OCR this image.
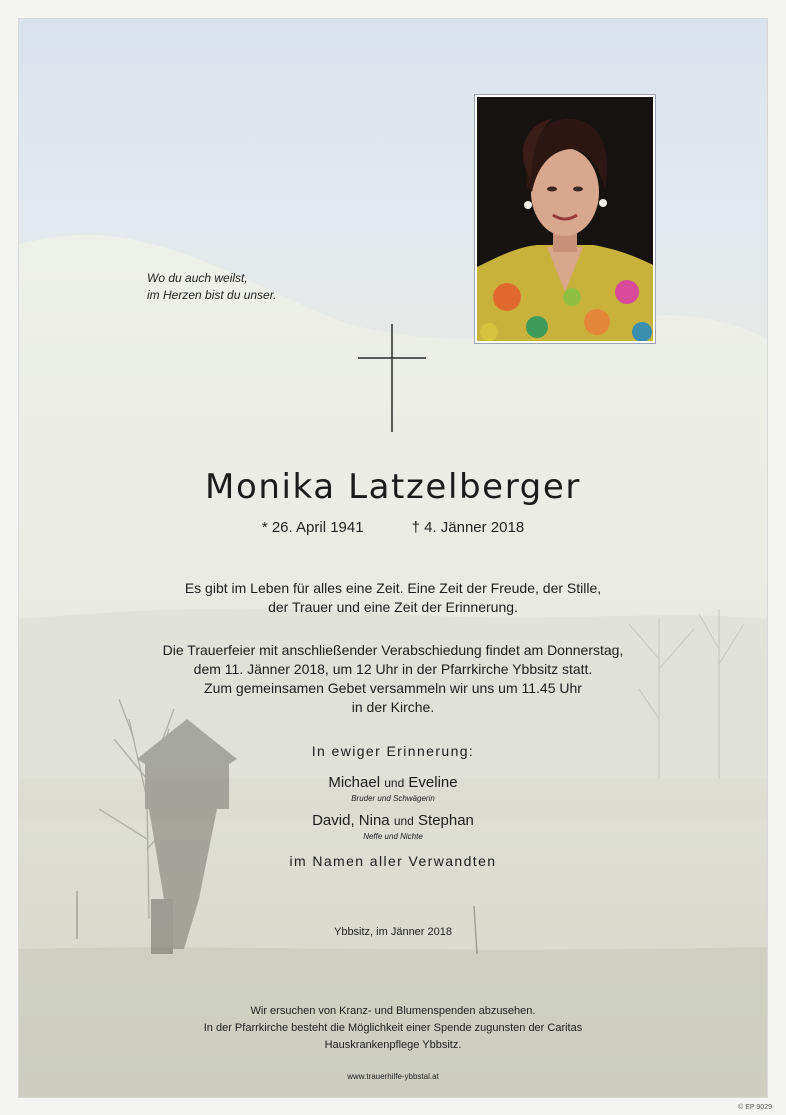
Wo du auch weilst,
im Herzen bist du unser.
Monika Latzelberger
* 26. April 1941	† 4. Jänner 2018
Es gibt im Leben für alles eine Zeit. Eine Zeit der Freude, der Stille,
der Trauer und eine Zeit der Erinnerung.
Die Trauerfeier mit anschließender Verabschiedung findet am Donnerstag,
dem 11. Jänner 2018, um 12 Uhr in der Pfarrkirche Ybbsitz statt.
Zum gemeinsamen Gebet versammeln wir uns um 11.45 Uhr
in der Kirche.
In ewiger Erinnerung:
Michael und Eveline
Bruder und Schwägerin
David, Nina und Stephan
Neffe und Nichte
im Namen aller Verwandten
Ybbsitz, im Jänner 2018
Wir ersuchen von Kranz- und Blumenspenden abzusehen.
In der Pfarrkirche besteht die Möglichkeit einer Spende zugunsten der Caritas
Hauskrankenpflege Ybbsitz.
www.trauerhilfe-ybbstal.at
© EP 9029
